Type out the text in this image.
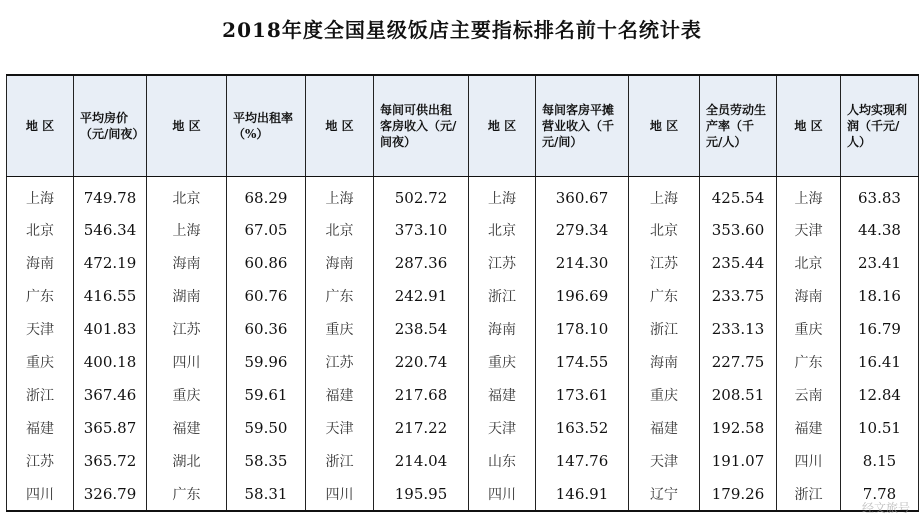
2018年度全国星级饭店主要指标排名前十名统计表
地 区	平均房价（元/间夜）	地 区	平均出租率（%）	地 区	每间可供出租客房收入（元/间夜）	地 区	每间客房平摊营业收入（千元/间）	地 区	全员劳动生产率（千元/人）	地 区	人均实现利润（千元/人）
上海	749.78	北京	68.29	上海	502.72	上海	360.67	上海	425.54	上海	63.83
北京	546.34	上海	67.05	北京	373.10	北京	279.34	北京	353.60	天津	44.38
海南	472.19	海南	60.86	海南	287.36	江苏	214.30	江苏	235.44	北京	23.41
广东	416.55	湖南	60.76	广东	242.91	浙江	196.69	广东	233.75	海南	18.16
天津	401.83	江苏	60.36	重庆	238.54	海南	178.10	浙江	233.13	重庆	16.79
重庆	400.18	四川	59.96	江苏	220.74	重庆	174.55	海南	227.75	广东	16.41
浙江	367.46	重庆	59.61	福建	217.68	福建	173.61	重庆	208.51	云南	12.84
福建	365.87	福建	59.50	天津	217.22	天津	163.52	福建	192.58	福建	10.51
江苏	365.72	湖北	58.35	浙江	214.04	山东	147.76	天津	191.07	四川	8.15
四川	326.79	广东	58.31	四川	195.95	四川	146.91	辽宁	179.26	浙江	7.78
经文旅号
